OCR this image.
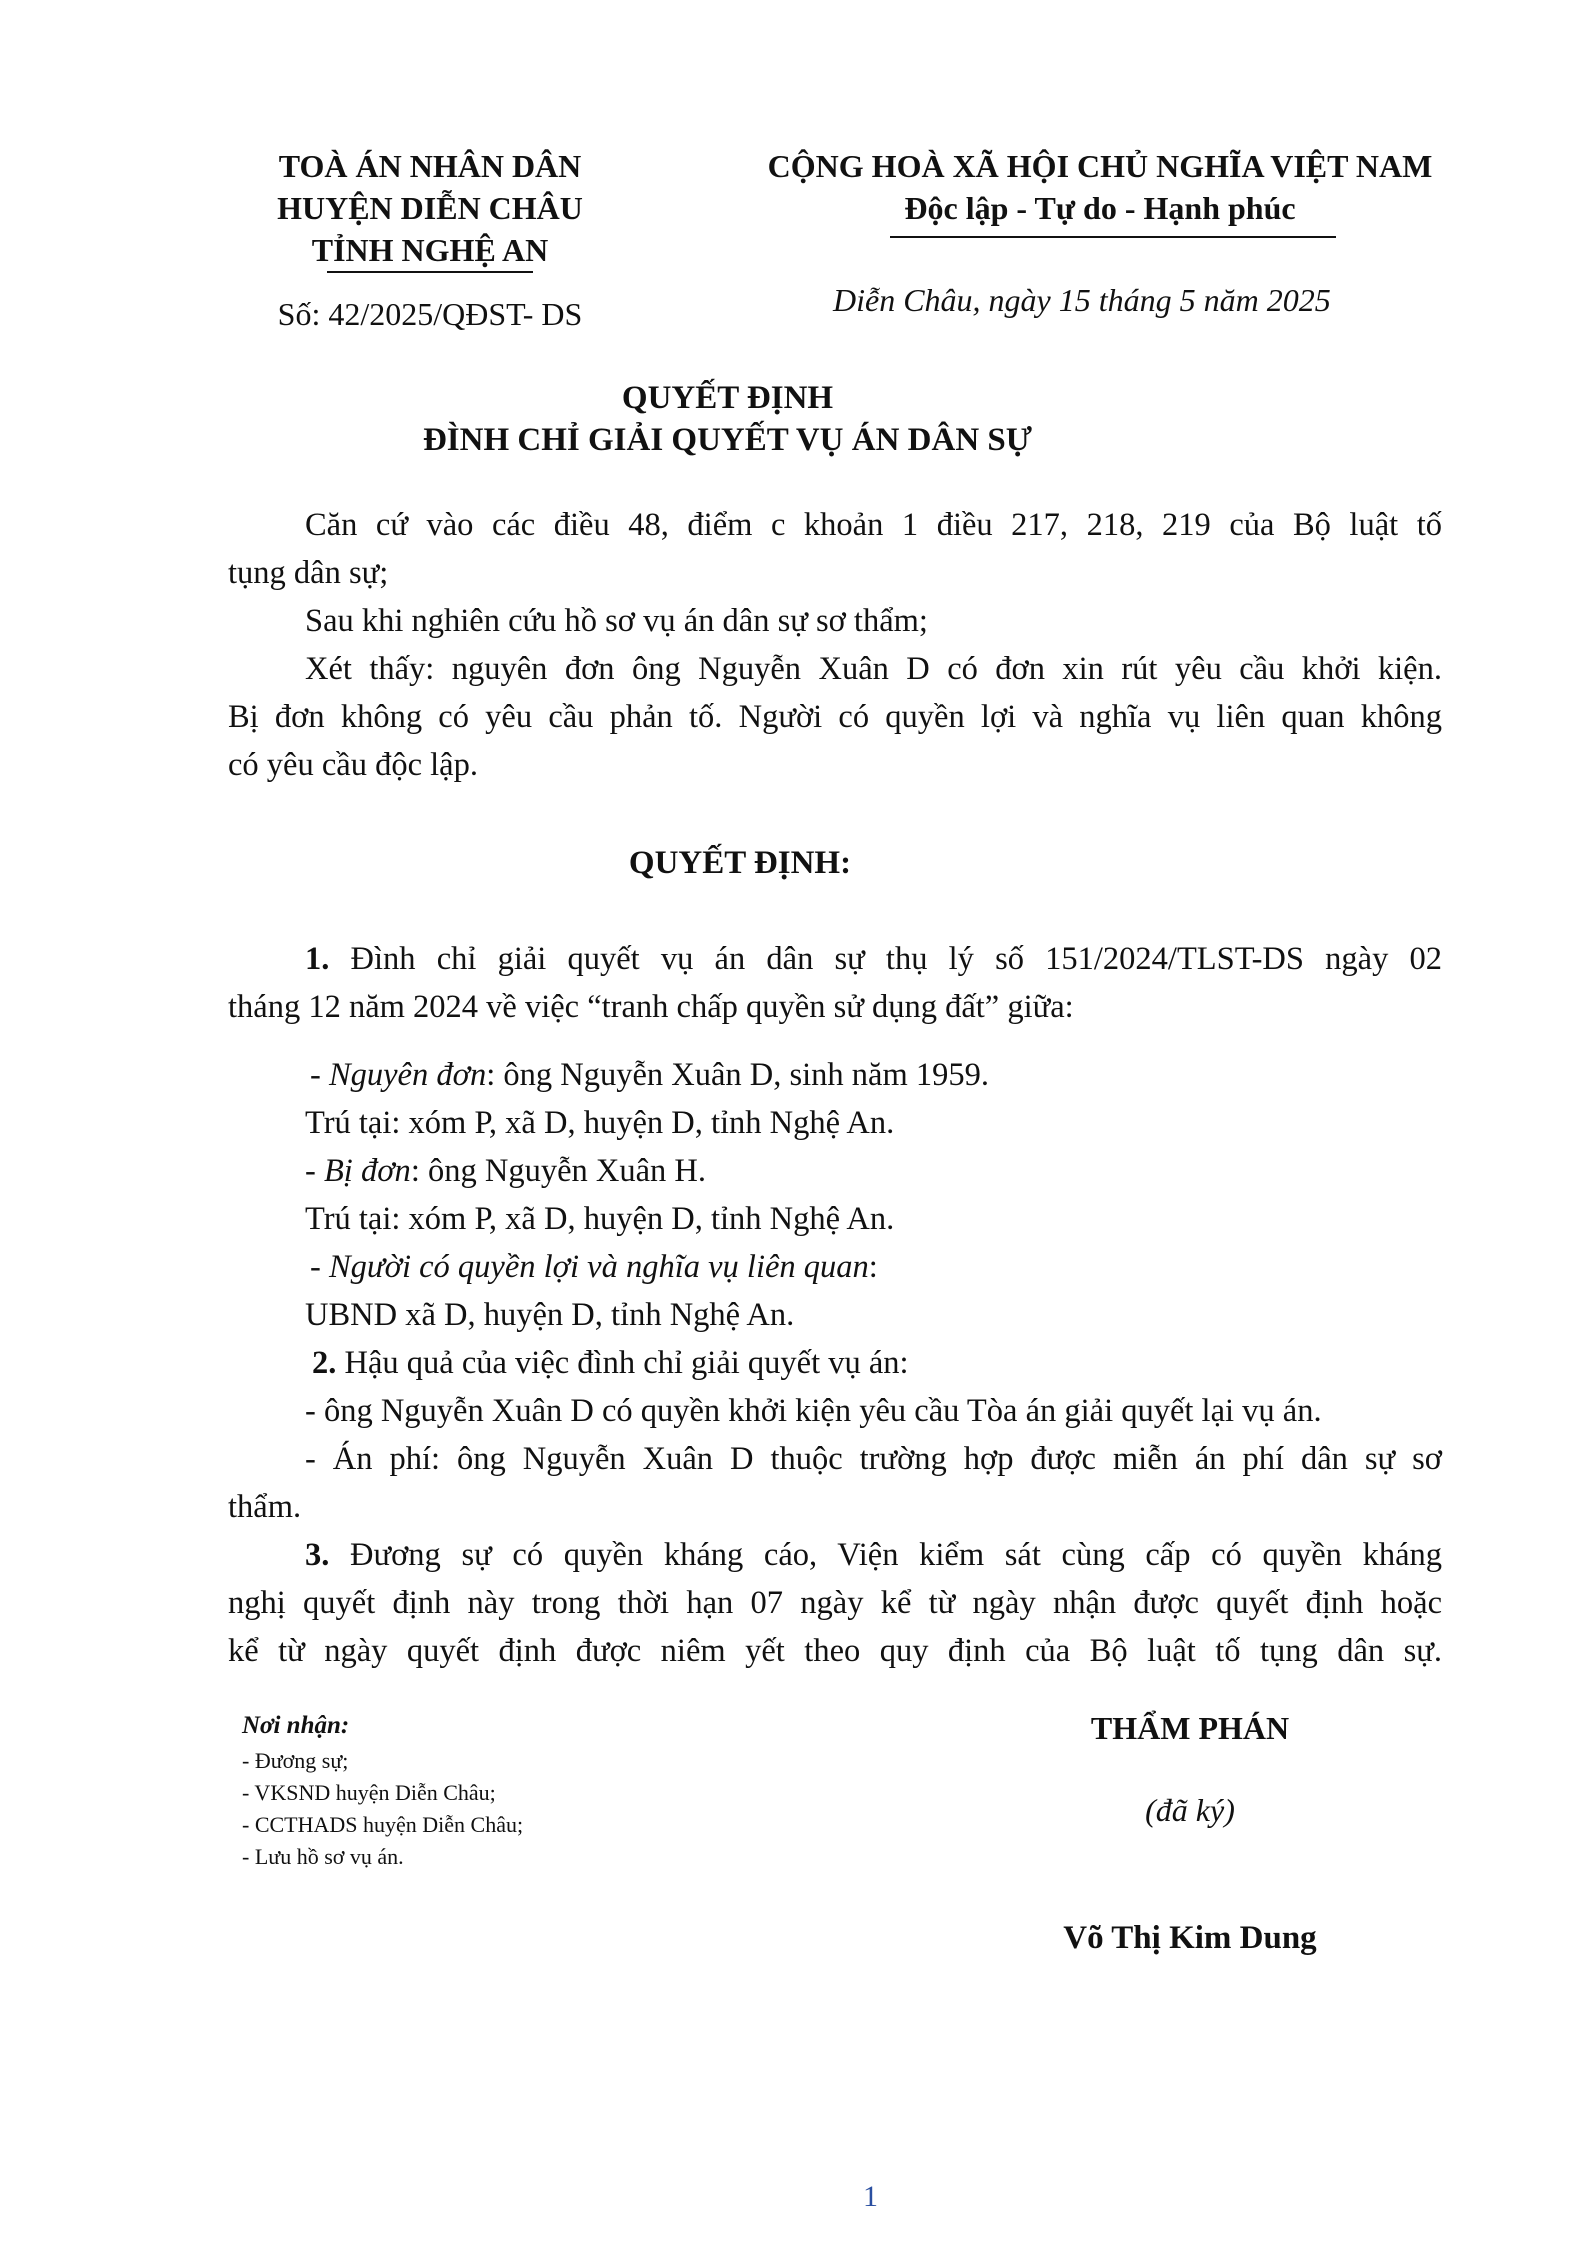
TOÀ ÁN NHÂN DÂN
HUYỆN DIỄN CHÂU
TỈNH NGHỆ AN
Số: 42/2025/QĐST- DS
CỘNG HOÀ XÃ HỘI CHỦ NGHĨA VIỆT NAM
Độc lập - Tự do - Hạnh phúc
Diễn Châu, ngày 15 tháng 5 năm 2025
QUYẾT ĐỊNH
ĐÌNH CHỈ GIẢI QUYẾT VỤ ÁN DÂN SỰ
Căn cứ vào các điều 48, điểm c khoản 1 điều 217, 218, 219 của Bộ luật tố
tụng dân sự;
Sau khi nghiên cứu hồ sơ vụ án dân sự sơ thẩm;
Xét thấy: nguyên đơn ông Nguyễn Xuân D có đơn xin rút yêu cầu khởi kiện.
Bị đơn không có yêu cầu phản tố. Người có quyền lợi và nghĩa vụ liên quan không
có yêu cầu độc lập.
QUYẾT ĐỊNH:
1. Đình chỉ giải quyết vụ án dân sự thụ lý số 151/2024/TLST-DS ngày 02
tháng 12 năm 2024 về việc “tranh chấp quyền sử dụng đất” giữa:
- Nguyên đơn: ông Nguyễn Xuân D, sinh năm 1959.
Trú tại: xóm P, xã D, huyện D, tỉnh Nghệ An.
- Bị đơn: ông Nguyễn Xuân H.
Trú tại: xóm P, xã D, huyện D, tỉnh Nghệ An.
- Người có quyền lợi và nghĩa vụ liên quan:
UBND xã D, huyện D, tỉnh Nghệ An.
2. Hậu quả của việc đình chỉ giải quyết vụ án:
- ông Nguyễn Xuân D có quyền khởi kiện yêu cầu Tòa án giải quyết lại vụ án.
- Án phí: ông Nguyễn Xuân D thuộc trường hợp được miễn án phí dân sự sơ
thẩm.
3. Đương sự có quyền kháng cáo, Viện kiểm sát cùng cấp có quyền kháng
nghị quyết định này trong thời hạn 07 ngày kể từ ngày nhận được quyết định hoặc
kể từ ngày quyết định được niêm yết theo quy định của Bộ luật tố tụng dân sự.
Nơi nhận:
- Đương sự;
- VKSND huyện Diễn Châu;
- CCTHADS huyện Diễn Châu;
- Lưu hồ sơ vụ án.
THẨM PHÁN
(đã ký)
Võ Thị Kim Dung
1
